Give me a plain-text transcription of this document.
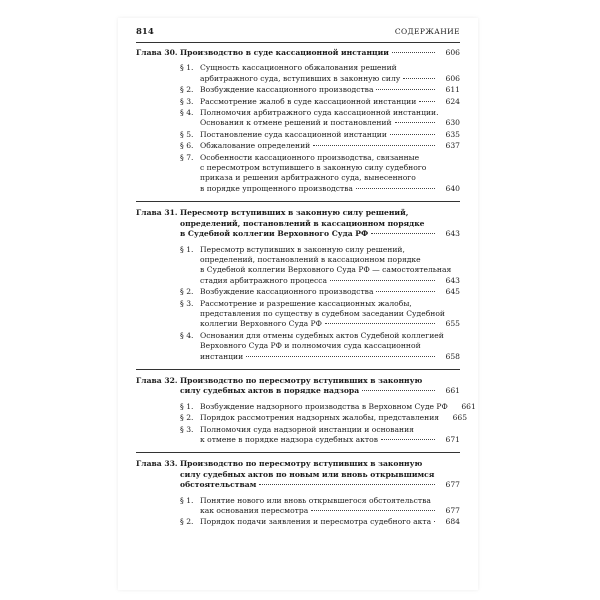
814	СОДЕРЖАНИЕ
Глава 30. Производство в суде кассационной инстанции	606
§ 1. Сущность кассационного обжалования решений
арбитражного суда, вступивших в законную силу	606
§ 2. Возбуждение кассационного производства	611
§ 3. Рассмотрение жалоб в суде кассационной инстанции	624
§ 4. Полномочия арбитражного суда кассационной инстанции.
Основания к отмене решений и постановлений	630
§ 5. Постановление суда кассационной инстанции	635
§ 6. Обжалование определений	637
§ 7. Особенности кассационного производства, связанные
с пересмотром вступившего в законную силу судебного
приказа и решения арбитражного суда, вынесенного
в порядке упрощенного производства	640
Глава 31. Пересмотр вступивших в законную силу решений,
определений, постановлений в кассационном порядке
в Судебной коллегии Верховного Суда РФ	643
§ 1. Пересмотр вступивших в законную силу решений,
определений, постановлений в кассационном порядке
в Судебной коллегии Верховного Суда РФ — самостоятельная
стадия арбитражного процесса	643
§ 2. Возбуждение кассационного производства	645
§ 3. Рассмотрение и разрешение кассационных жалобы,
представления по существу в судебном заседании Судебной
коллегии Верховного Суда РФ	655
§ 4. Основания для отмены судебных актов Судебной коллегией
Верховного Суда РФ и полномочия суда кассационной
инстанции	658
Глава 32. Производство по пересмотру вступивших в законную
силу судебных актов в порядке надзора	661
§ 1. Возбуждение надзорного производства в Верховном Суде РФ	661
§ 2. Порядок рассмотрения надзорных жалобы, представления	665
§ 3. Полномочия суда надзорной инстанции и основания
к отмене в порядке надзора судебных актов	671
Глава 33. Производство по пересмотру вступивших в законную
силу судебных актов по новым или вновь открывшимся
обстоятельствам	677
§ 1. Понятие нового или вновь открывшегося обстоятельства
как основания пересмотра	677
§ 2. Порядок подачи заявления и пересмотра судебного акта	684
